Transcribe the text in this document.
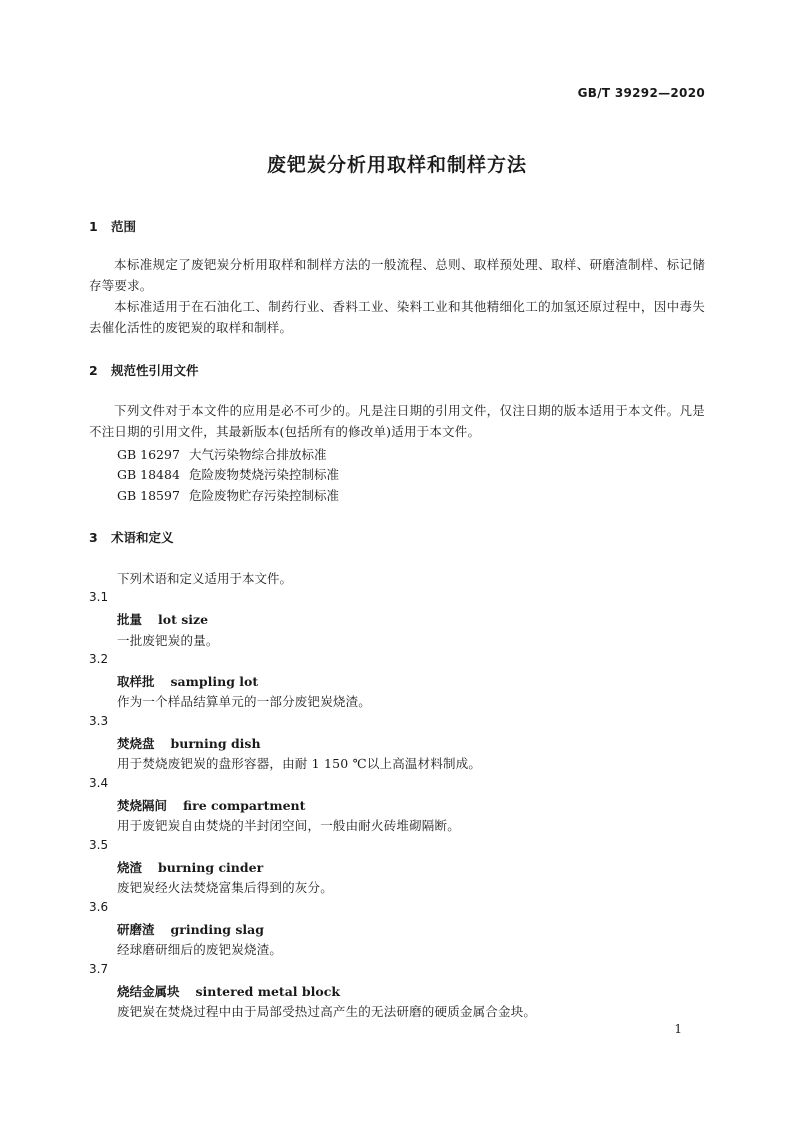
GB/T 39292—2020
废钯炭分析用取样和制样方法
1 范围
本标准规定了废钯炭分析用取样和制样方法的一般流程、总则、取样预处理、取样、研磨渣制样、标记储存等要求。
本标准适用于在石油化工、制药行业、香料工业、染料工业和其他精细化工的加氢还原过程中，因中毒失去催化活性的废钯炭的取样和制样。
2 规范性引用文件
下列文件对于本文件的应用是必不可少的。凡是注日期的引用文件，仅注日期的版本适用于本文件。凡是不注日期的引用文件，其最新版本(包括所有的修改单)适用于本文件。
GB 16297 大气污染物综合排放标准
GB 18484 危险废物焚烧污染控制标准
GB 18597 危险废物贮存污染控制标准
3 术语和定义
下列术语和定义适用于本文件。
3.1
批量 lot size
一批废钯炭的量。
3.2
取样批 sampling lot
作为一个样品结算单元的一部分废钯炭烧渣。
3.3
焚烧盘 burning dish
用于焚烧废钯炭的盘形容器，由耐 1 150 ℃以上高温材料制成。
3.4
焚烧隔间 fire compartment
用于废钯炭自由焚烧的半封闭空间，一般由耐火砖堆砌隔断。
3.5
烧渣 burning cinder
废钯炭经火法焚烧富集后得到的灰分。
3.6
研磨渣 grinding slag
经球磨研细后的废钯炭烧渣。
3.7
烧结金属块 sintered metal block
废钯炭在焚烧过程中由于局部受热过高产生的无法研磨的硬质金属合金块。
1
